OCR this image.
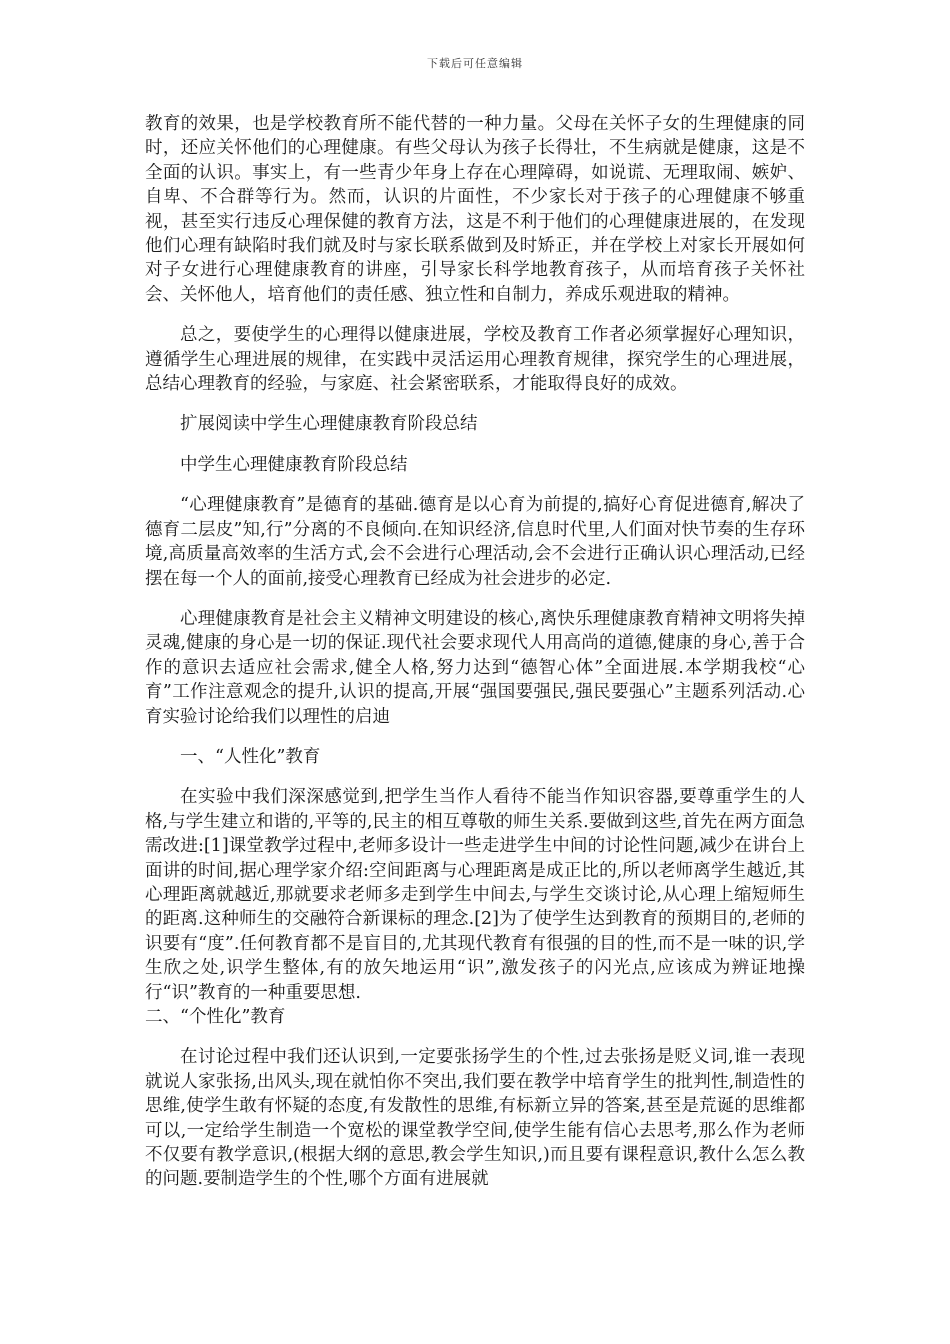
下载后可任意编辑

教育的效果，也是学校教育所不能代替的一种力量。父母在关怀子女的生理健康的同时，还应关怀他们的心理健康。有些父母认为孩子长得壮，不生病就是健康，这是不全面的认识。事实上，有一些青少年身上存在心理障碍，如说谎、无理取闹、嫉妒、自卑、不合群等行为。然而，认识的片面性，不少家长对于孩子的心理健康不够重视，甚至实行违反心理保健的教育方法，这是不利于他们的心理健康进展的，在发现他们心理有缺陷时我们就及时与家长联系做到及时矫正，并在学校上对家长开展如何对子女进行心理健康教育的讲座，引导家长科学地教育孩子，从而培育孩子关怀社会、关怀他人，培育他们的责任感、独立性和自制力，养成乐观进取的精神。

总之，要使学生的心理得以健康进展，学校及教育工作者必须掌握好心理知识，遵循学生心理进展的规律，在实践中灵活运用心理教育规律，探究学生的心理进展，总结心理教育的经验，与家庭、社会紧密联系，才能取得良好的成效。

扩展阅读中学生心理健康教育阶段总结

中学生心理健康教育阶段总结

“心理健康教育”是德育的基础.德育是以心育为前提的,搞好心育促进德育,解决了德育二层皮”知,行”分离的不良倾向.在知识经济,信息时代里,人们面对快节奏的生存环境,高质量高效率的生活方式,会不会进行心理活动,会不会进行正确认识心理活动,已经摆在每一个人的面前,接受心理教育已经成为社会进步的必定.

心理健康教育是社会主义精神文明建设的核心,离快乐理健康教育精神文明将失掉灵魂,健康的身心是一切的保证.现代社会要求现代人用高尚的道德,健康的身心,善于合作的意识去适应社会需求,健全人格,努力达到“德智心体”全面进展.本学期我校“心育”工作注意观念的提升,认识的提高,开展“强国要强民,强民要强心”主题系列活动.心育实验讨论给我们以理性的启迪

一、“人性化”教育

在实验中我们深深感觉到,把学生当作人看待不能当作知识容器,要尊重学生的人格,与学生建立和谐的,平等的,民主的相互尊敬的师生关系.要做到这些,首先在两方面急需改进:[1]课堂教学过程中,老师多设计一些走进学生中间的讨论性问题,减少在讲台上面讲的时间,据心理学家介绍:空间距离与心理距离是成正比的,所以老师离学生越近,其心理距离就越近,那就要求老师多走到学生中间去,与学生交谈讨论,从心理上缩短师生的距离.这种师生的交融符合新课标的理念.[2]为了使学生达到教育的预期目的,老师的识要有“度”.任何教育都不是盲目的,尤其现代教育有很强的目的性,而不是一味的识,学生欣之处,识学生整体,有的放矢地运用“识”,激发孩子的闪光点,应该成为辨证地操行“识”教育的一种重要思想.

二、“个性化”教育

在讨论过程中我们还认识到,一定要张扬学生的个性,过去张扬是贬义词,谁一表现就说人家张扬,出风头,现在就怕你不突出,我们要在教学中培育学生的批判性,制造性的思维,使学生敢有怀疑的态度,有发散性的思维,有标新立异的答案,甚至是荒诞的思维都可以,一定给学生制造一个宽松的课堂教学空间,使学生能有信心去思考,那么作为老师不仅要有教学意识,(根据大纲的意思,教会学生知识,)而且要有课程意识,教什么怎么教的问题.要制造学生的个性,哪个方面有进展就
